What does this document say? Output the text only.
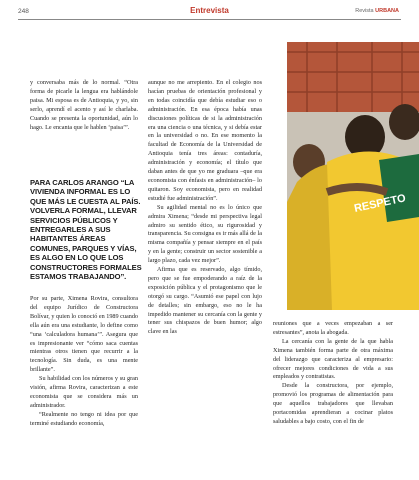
248	Entrevista	Revista URBANA

y conversaba más de lo normal. “Otra forma de picarle la lengua era hablándole paisa. Mi esposa es de Antioquia, y yo, sin serlo, aprendí el acento y así le charlaba. Cuando se presenta la oportunidad, aún lo hago. Le encanta que le hablen ‘paisa’”.

PARA CARLOS ARANGO “LA VIVIENDA INFORMAL ES LO QUE MÁS LE CUESTA AL PAÍS. VOLVERLA FORMAL, LLEVAR SERVICIOS PÚBLICOS Y ENTREGARLES A SUS HABITANTES ÁREAS COMUNES, PARQUES Y VÍAS, ES ALGO EN LO QUE LOS CONSTRUCTORES FORMALES ESTAMOS TRABAJANDO”.

Por su parte, Ximena Rovira, consultora del equipo Jurídico de Constructora Bolívar, y quien lo conoció en 1989 cuando ella aún era una estudiante, lo define como “una ‘calculadora humana’”. Asegura que es impresionante ver “cómo saca cuentas mientras otros tienen que recurrir a la tecnología. Sin duda, es una mente brillante”.

Su habilidad con los números y su gran visión, afirma Rovira, caracterizan a este economista que se considera más un administrador.

“Realmente no tengo ni idea por que terminé estudiando economía,

aunque no me arrepiento. En el colegio nos hacían pruebas de orientación profesional y en todas coincidía que debía estudiar eso o administración. En esa época había unas discusiones políticas de si la administración era una ciencia o una técnica, y si debía estar en la universidad o no. En ese momento la facultad de Economía de la Universidad de Antioquia tenía tres áreas: contaduría, administración y economía; el título que daban antes de que yo me graduara –que era economista con énfasis en administración– lo quitaron. Soy economista, pero en realidad estudié fue administración”.

Su agilidad mental no es lo único que admira Ximena; “desde mi perspectiva legal admiro su sentido ético, su rigurosidad y transparencia. Su consigna es ir más allá de la misma compañía y pensar siempre en el país y en la gente; construir un sector sostenible a largo plazo, cada vez mejor”.

Afirma que es reservado, algo tímido, pero que se fue empoderando a raíz de la exposición pública y el protagonismo que le otorgó su cargo. “Asumió ese papel con lujo de detalles; sin embargo, eso no le ha impedido mantener su cercanía con la gente y tener sus chispazos de buen humor; algo clave en las

reuniones que a veces empezaban a ser estresantes”, anota la abogada.

La cercanía con la gente de la que habla Ximena también forma parte de otra máxima del liderazgo que caracteriza al empresario: ofrecer mejores condiciones de vida a sus empleados y contratistas.

Desde la constructora, por ejemplo, promovió los programas de alimentación para que aquellos trabajadores que llevaban portacomidas aprendieran a cocinar platos saludables a bajo costo, con el fin de

RESPETO
